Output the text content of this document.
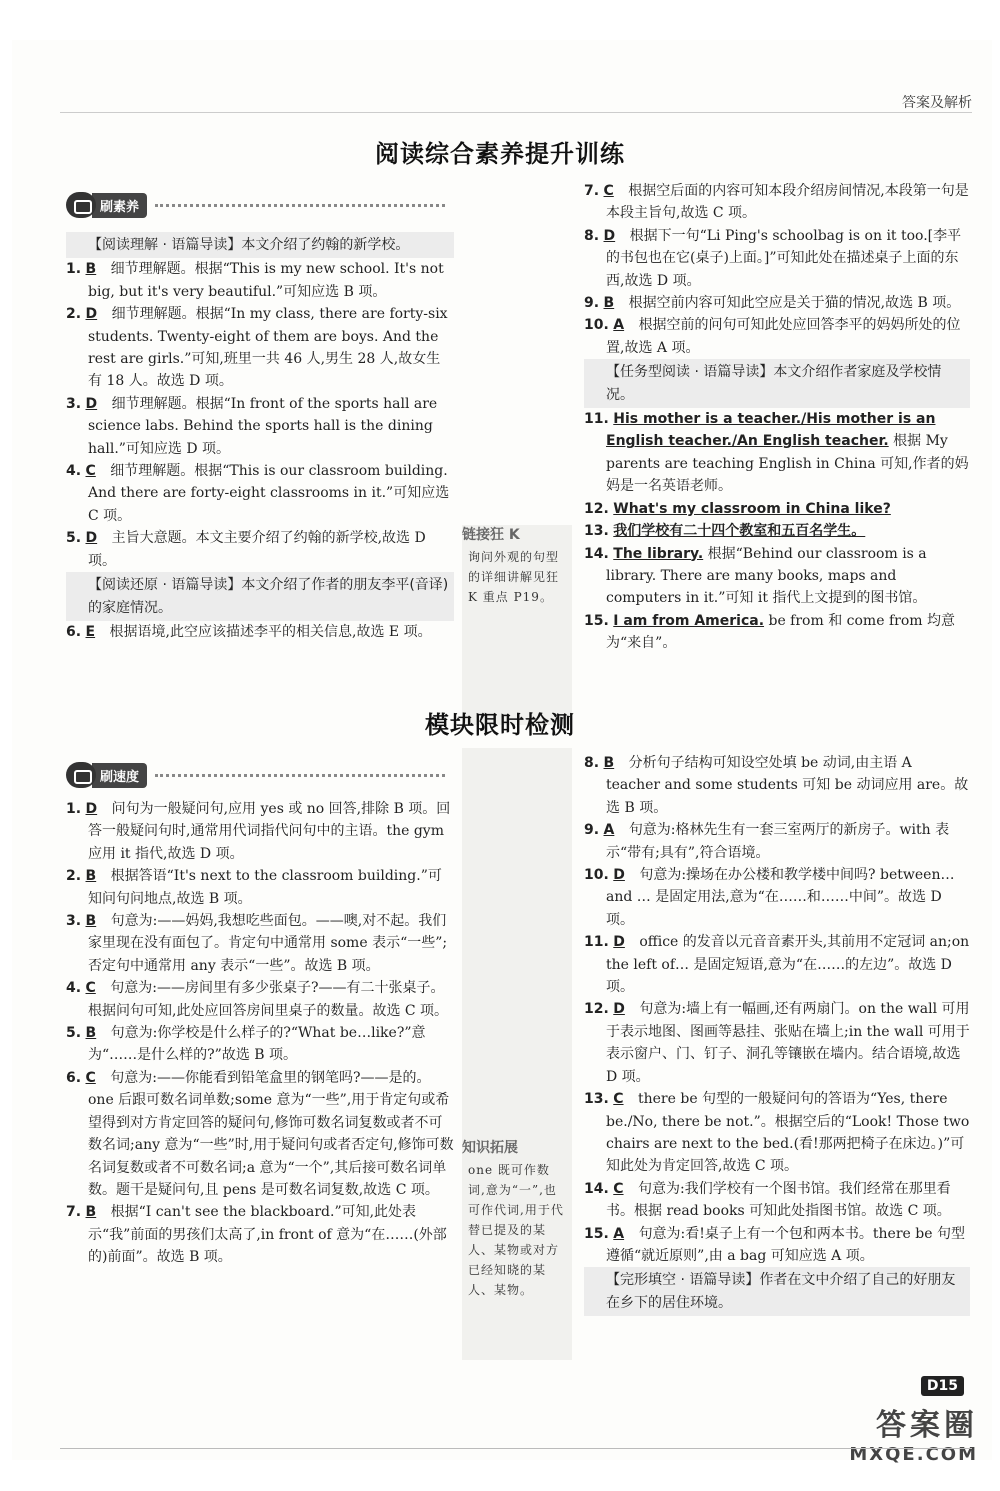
答案及解析
阅读综合素养提升训练
刷素养

【阅读理解 · 语篇导读】本文介绍了约翰的新学校。

1. B 细节理解题。根据“This is my new school. It's not big, but it's very beautiful.”可知应选 B 项。

2. D 细节理解题。根据“In my class, there are forty-six students. Twenty-eight of them are boys. And the rest are girls.”可知,班里一共 46 人,男生 28 人,故女生有 18 人。故选 D 项。

3. D 细节理解题。根据“In front of the sports hall are science labs. Behind the sports hall is the dining hall.”可知应选 D 项。

4. C 细节理解题。根据“This is our classroom building. And there are forty-eight classrooms in it.”可知应选 C 项。

5. D 主旨大意题。本文主要介绍了约翰的新学校,故选 D 项。

【阅读还原 · 语篇导读】本文介绍了作者的朋友李平(音译)的家庭情况。

6. E 根据语境,此空应该描述李平的相关信息,故选 E 项。

链接狂 K
询问外观的句型的详细讲解见狂 K 重点 P19。

7. C 根据空后面的内容可知本段介绍房间情况,本段第一句是本段主旨句,故选 C 项。

8. D 根据下一句“Li Ping's schoolbag is on it too.[李平的书包也在它(桌子)上面。]”可知此处在描述桌子上面的东西,故选 D 项。

9. B 根据空前内容可知此空应是关于猫的情况,故选 B 项。

10. A 根据空前的问句可知此处应回答李平的妈妈所处的位置,故选 A 项。

【任务型阅读 · 语篇导读】本文介绍作者家庭及学校情况。

11. His mother is a teacher./His mother is an English teacher./An English teacher. 根据 My parents are teaching English in China 可知,作者的妈妈是一名英语老师。

12. What's my classroom in China like?

13. 我们学校有二十四个教室和五百名学生。

14. The library. 根据“Behind our classroom is a library. There are many books, maps and computers in it.”可知 it 指代上文提到的图书馆。

15. I am from America. be from 和 come from 均意为“来自”。

模块限时检测
刷速度

1. D 问句为一般疑问句,应用 yes 或 no 回答,排除 B 项。回答一般疑问句时,通常用代词指代问句中的主语。the gym 应用 it 指代,故选 D 项。

2. B 根据答语“It's next to the classroom building.”可知问句问地点,故选 B 项。

3. B 句意为:——妈妈,我想吃些面包。——噢,对不起。我们家里现在没有面包了。肯定句中通常用 some 表示“一些”;否定句中通常用 any 表示“一些”。故选 B 项。

4. C 句意为:——房间里有多少张桌子?——有二十张桌子。根据问句可知,此处应回答房间里桌子的数量。故选 C 项。

5. B 句意为:你学校是什么样子的?“What be…like?”意为“……是什么样的?”故选 B 项。

6. C 句意为:——你能看到铅笔盒里的钢笔吗?——是的。one 后跟可数名词单数;some 意为“一些”,用于肯定句或希望得到对方肯定回答的疑问句,修饰可数名词复数或者不可数名词;any 意为“一些”时,用于疑问句或者否定句,修饰可数名词复数或者不可数名词;a 意为“一个”,其后接可数名词单数。题干是疑问句,且 pens 是可数名词复数,故选 C 项。

7. B 根据“I can't see the blackboard.”可知,此处表示“我”前面的男孩们太高了,in front of 意为“在……(外部的)前面”。故选 B 项。

知识拓展
one 既可作数词,意为“一”,也可作代词,用于代替已提及的某人、某物或对方已经知晓的某人、某物。

8. B 分析句子结构可知设空处填 be 动词,由主语 A teacher and some students 可知 be 动词应用 are。故选 B 项。

9. A 句意为:格林先生有一套三室两厅的新房子。with 表示“带有;具有”,符合语境。

10. D 句意为:操场在办公楼和教学楼中间吗? between… and … 是固定用法,意为“在……和……中间”。故选 D 项。

11. D office 的发音以元音音素开头,其前用不定冠词 an;on the left of… 是固定短语,意为“在……的左边”。故选 D 项。

12. D 句意为:墙上有一幅画,还有两扇门。on the wall 可用于表示地图、图画等悬挂、张贴在墙上;in the wall 可用于表示窗户、门、钉子、洞孔等镶嵌在墙内。结合语境,故选 D 项。

13. C there be 句型的一般疑问句的答语为“Yes, there be./No, there be not.”。根据空后的“Look! Those two chairs are next to the bed.(看!那两把椅子在床边。)”可知此处为肯定回答,故选 C 项。

14. C 句意为:我们学校有一个图书馆。我们经常在那里看书。根据 read books 可知此处指图书馆。故选 C 项。

15. A 句意为:看!桌子上有一个包和两本书。there be 句型遵循“就近原则”,由 a bag 可知应选 A 项。

【完形填空 · 语篇导读】作者在文中介绍了自己的好朋友在乡下的居住环境。

D15
答案圈
MXQE.COM
